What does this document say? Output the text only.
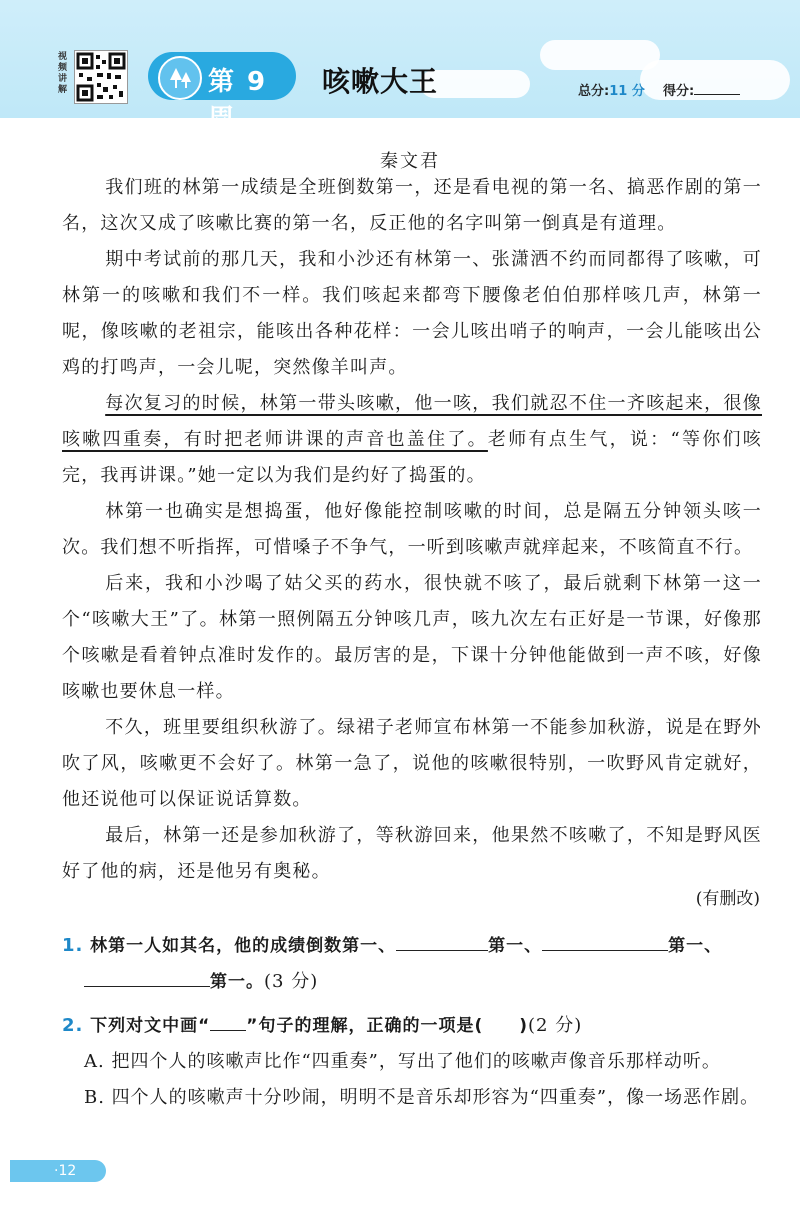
视频讲解	第 9 周
咳嗽大王	总分:11 分 得分:
秦文君

我们班的林第一成绩是全班倒数第一，还是看电视的第一名、搞恶作剧的第一名，这次又成了咳嗽比赛的第一名，反正他的名字叫第一倒真是有道理。

期中考试前的那几天，我和小沙还有林第一、张潇洒不约而同都得了咳嗽，可林第一的咳嗽和我们不一样。我们咳起来都弯下腰像老伯伯那样咳几声，林第一呢，像咳嗽的老祖宗，能咳出各种花样：一会儿咳出哨子的响声，一会儿能咳出公鸡的打鸣声，一会儿呢，突然像羊叫声。

每次复习的时候，林第一带头咳嗽，他一咳，我们就忍不住一齐咳起来，很像咳嗽四重奏，有时把老师讲课的声音也盖住了。老师有点生气，说：“等你们咳完，我再讲课。”她一定以为我们是约好了捣蛋的。

林第一也确实是想捣蛋，他好像能控制咳嗽的时间，总是隔五分钟领头咳一次。我们想不听指挥，可惜嗓子不争气，一听到咳嗽声就痒起来，不咳简直不行。

后来，我和小沙喝了姑父买的药水，很快就不咳了，最后就剩下林第一这一个“咳嗽大王”了。林第一照例隔五分钟咳几声，咳九次左右正好是一节课，好像那个咳嗽是看着钟点准时发作的。最厉害的是，下课十分钟他能做到一声不咳，好像咳嗽也要休息一样。

不久，班里要组织秋游了。绿裙子老师宣布林第一不能参加秋游，说是在野外吹了风，咳嗽更不会好了。林第一急了，说他的咳嗽很特别，一吹野风肯定就好，他还说他可以保证说话算数。

最后，林第一还是参加秋游了，等秋游回来，他果然不咳嗽了，不知是野风医好了他的病，还是他另有奥秘。

(有删改)
1. 林第一人如其名，他的成绩倒数第一、	第一、	第一、
第一。(3 分)
2. 下列对文中画“ ”句子的理解，正确的一项是( )(2 分)
A. 把四个人的咳嗽声比作“四重奏”，写出了他们的咳嗽声像音乐那样动听。
B. 四个人的咳嗽声十分吵闹，明明不是音乐却形容为“四重奏”，像一场恶作剧。
·12
